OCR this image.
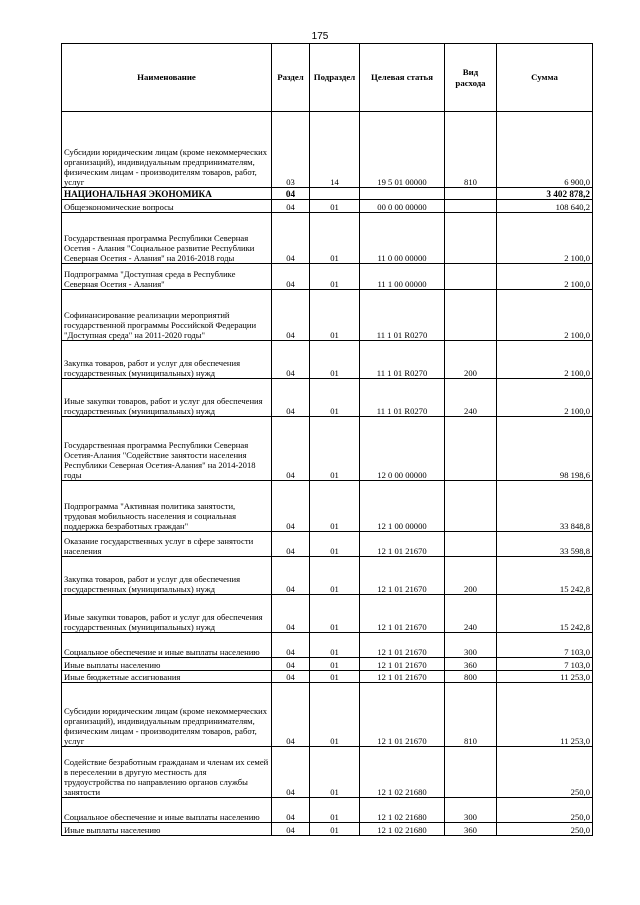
175
Наименование	Раздел	Подраздел	Целевая статья	Вид расхода	Сумма
Субсидии юридическим лицам (кроме некоммерческих организаций), индивидуальным предпринимателям, физическим лицам - производителям товаров, работ, услуг	03	14	19 5 01 00000	810	6 900,0
НАЦИОНАЛЬНАЯ ЭКОНОМИКА	04				3 402 878,2
Общеэкономические вопросы	04	01	00 0 00 00000		108 640,2
Государственная программа Республики Северная Осетия - Алания "Социальное развитие Республики Северная Осетия - Алания" на 2016-2018 годы	04	01	11 0 00 00000		2 100,0
Подпрограмма "Доступная среда в Республике Северная Осетия - Алания"	04	01	11 1 00 00000		2 100,0
Софинансирование реализации мероприятий государственной программы Российской Федерации "Доступная среда" на 2011-2020 годы"	04	01	11 1 01 R0270		2 100,0
Закупка товаров, работ и услуг для обеспечения государственных (муниципальных) нужд	04	01	11 1 01 R0270	200	2 100,0
Иные закупки товаров, работ и услуг для обеспечения государственных (муниципальных) нужд	04	01	11 1 01 R0270	240	2 100,0
Государственная программа Республики Северная Осетия-Алания "Содействие занятости населения Республики Северная Осетия-Алания" на 2014-2018 годы	04	01	12 0 00 00000		98 198,6
Подпрограмма "Активная политика занятости, трудовая мобильность населения и социальная поддержка безработных граждан"	04	01	12 1 00 00000		33 848,8
Оказание государственных услуг в сфере занятости населения	04	01	12 1 01 21670		33 598,8
Закупка товаров, работ и услуг для обеспечения государственных (муниципальных) нужд	04	01	12 1 01 21670	200	15 242,8
Иные закупки товаров, работ и услуг для обеспечения государственных (муниципальных) нужд	04	01	12 1 01 21670	240	15 242,8
Социальное обеспечение и иные выплаты населению	04	01	12 1 01 21670	300	7 103,0
Иные выплаты населению	04	01	12 1 01 21670	360	7 103,0
Иные бюджетные ассигнования	04	01	12 1 01 21670	800	11 253,0
Субсидии юридическим лицам (кроме некоммерческих организаций), индивидуальным предпринимателям, физическим лицам - производителям товаров, работ, услуг	04	01	12 1 01 21670	810	11 253,0
Содействие безработным гражданам и членам их семей в переселении в другую местность для трудоустройства по направлению органов службы занятости	04	01	12 1 02 21680		250,0
Социальное обеспечение и иные выплаты населению	04	01	12 1 02 21680	300	250,0
Иные выплаты населению	04	01	12 1 02 21680	360	250,0
